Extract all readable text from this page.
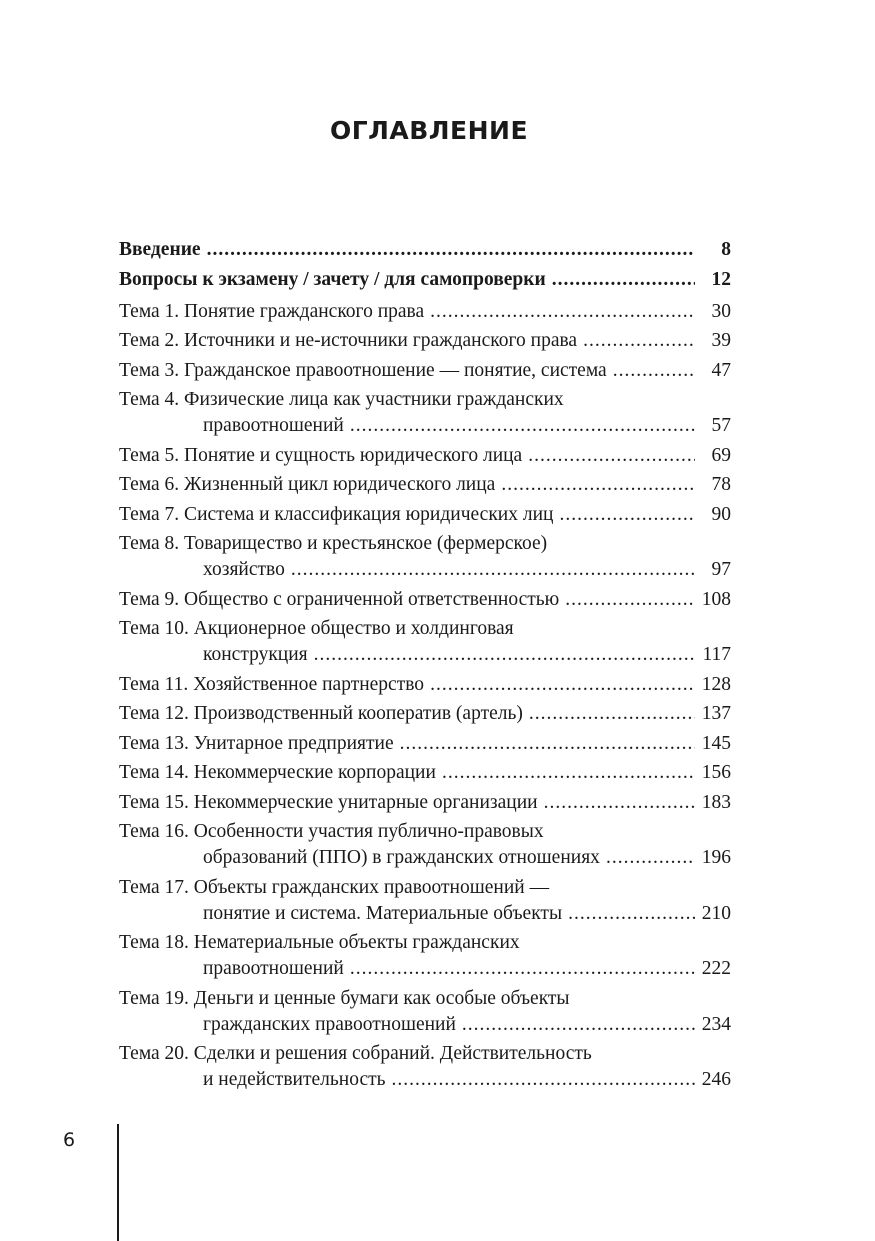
ОГЛАВЛЕНИЕ
Введение .....	8
Вопросы к экзамену / зачету / для самопроверки .....	12
Тема 1. Понятие гражданского права .....	30
Тема 2. Источники и не-источники гражданского права .....	39
Тема 3. Гражданское правоотношение — понятие, система .....	47
Тема 4. Физические лица как участники гражданских
правоотношений .....	57
Тема 5. Понятие и сущность юридического лица .....	69
Тема 6. Жизненный цикл юридического лица .....	78
Тема 7. Система и классификация юридических лиц .....	90
Тема 8. Товарищество и крестьянское (фермерское)
хозяйство .....	97
Тема 9. Общество с ограниченной ответственностью .....	108
Тема 10. Акционерное общество и холдинговая
конструкция .....	117
Тема 11. Хозяйственное партнерство .....	128
Тема 12. Производственный кооператив (артель) .....	137
Тема 13. Унитарное предприятие .....	145
Тема 14. Некоммерческие корпорации .....	156
Тема 15. Некоммерческие унитарные организации .....	183
Тема 16. Особенности участия публично-правовых
образований (ППО) в гражданских отношениях .....	196
Тема 17. Объекты гражданских правоотношений —
понятие и система. Материальные объекты .....	210
Тема 18. Нематериальные объекты гражданских
правоотношений .....	222
Тема 19. Деньги и ценные бумаги как особые объекты
гражданских правоотношений .....	234
Тема 20. Сделки и решения собраний. Действительность
и недействительность .....	246
6
